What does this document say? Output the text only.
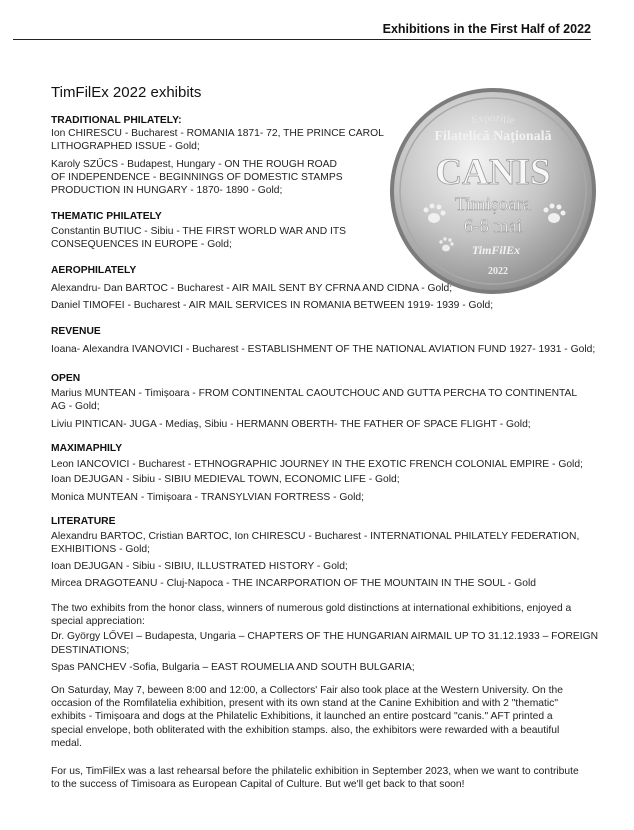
Exhibitions in the First Half of 2022
TimFilEx 2022 exhibits
Expoziție
Filatelică Națională
CANIS
Timișoara
6-8 mai
TimFilEx
2022
TRADITIONAL PHILATELY:
Ion CHIRESCU - Bucharest - ROMANIA 1871- 72, THE PRINCE CAROL
LITHOGRAPHED ISSUE - Gold;
Karoly SZŰCS - Budapest, Hungary - ON THE ROUGH ROAD
OF INDEPENDENCE - BEGINNINGS OF DOMESTIC STAMPS
PRODUCTION IN HUNGARY - 1870- 1890 - Gold;
THEMATIC PHILATELY
Constantin BUTIUC - Sibiu - THE FIRST WORLD WAR AND ITS
CONSEQUENCES IN EUROPE - Gold;
AEROPHILATELY
Alexandru- Dan BARTOC - Bucharest - AIR MAIL SENT BY CFRNA AND CIDNA - Gold;
Daniel TIMOFEI - Bucharest - AIR MAIL SERVICES IN ROMANIA BETWEEN 1919- 1939 - Gold;
REVENUE
Ioana- Alexandra IVANOVICI - Bucharest - ESTABLISHMENT OF THE NATIONAL AVIATION FUND 1927- 1931 - Gold;
OPEN
Marius MUNTEAN - Timișoara - FROM CONTINENTAL CAOUTCHOUC AND GUTTA PERCHA TO CONTINENTAL
AG - Gold;
Liviu PINTICAN- JUGA - Mediaș, Sibiu - HERMANN OBERTH- THE FATHER OF SPACE FLIGHT - Gold;
MAXIMAPHILY
Leon IANCOVICI - Bucharest - ETHNOGRAPHIC JOURNEY IN THE EXOTIC FRENCH COLONIAL EMPIRE - Gold;
Ioan DEJUGAN - Sibiu - SIBIU MEDIEVAL TOWN, ECONOMIC LIFE - Gold;
Monica MUNTEAN - Timișoara - TRANSYLVIAN FORTRESS - Gold;
LITERATURE
Alexandru BARTOC, Cristian BARTOC, Ion CHIRESCU - Bucharest - INTERNATIONAL PHILATELY FEDERATION,
EXHIBITIONS - Gold;
Ioan DEJUGAN - Sibiu - SIBIU, ILLUSTRATED HISTORY - Gold;
Mircea DRAGOTEANU - Cluj-Napoca - THE INCARPORATION OF THE MOUNTAIN IN THE SOUL - Gold
The two exhibits from the honor class, winners of numerous gold distinctions at international exhibitions, enjoyed a
special appreciation:
Dr. György LŐVEI – Budapesta, Ungaria – CHAPTERS OF THE HUNGARIAN AIRMAIL UP TO 31.12.1933 – FOREIGN
DESTINATIONS;
Spas PANCHEV -Sofia, Bulgaria – EAST ROUMELIA AND SOUTH BULGARIA;
On Saturday, May 7, beween 8:00 and 12:00, a Collectors' Fair also took place at the Western University. On the
occasion of the Romfilatelia exhibition, present with its own stand at the Canine Exhibition and with 2 "thematic"
exhibits - Timișoara and dogs at the Philatelic Exhibitions, it launched an entire postcard "canis." AFT printed a
special envelope, both obliterated with the exhibition stamps. also, the exhibitors were rewarded with a beautiful
medal.
For us, TimFilEx was a last rehearsal before the philatelic exhibition in September 2023, when we want to contribute
to the success of Timisoara as European Capital of Culture. But we'll get back to that soon!
